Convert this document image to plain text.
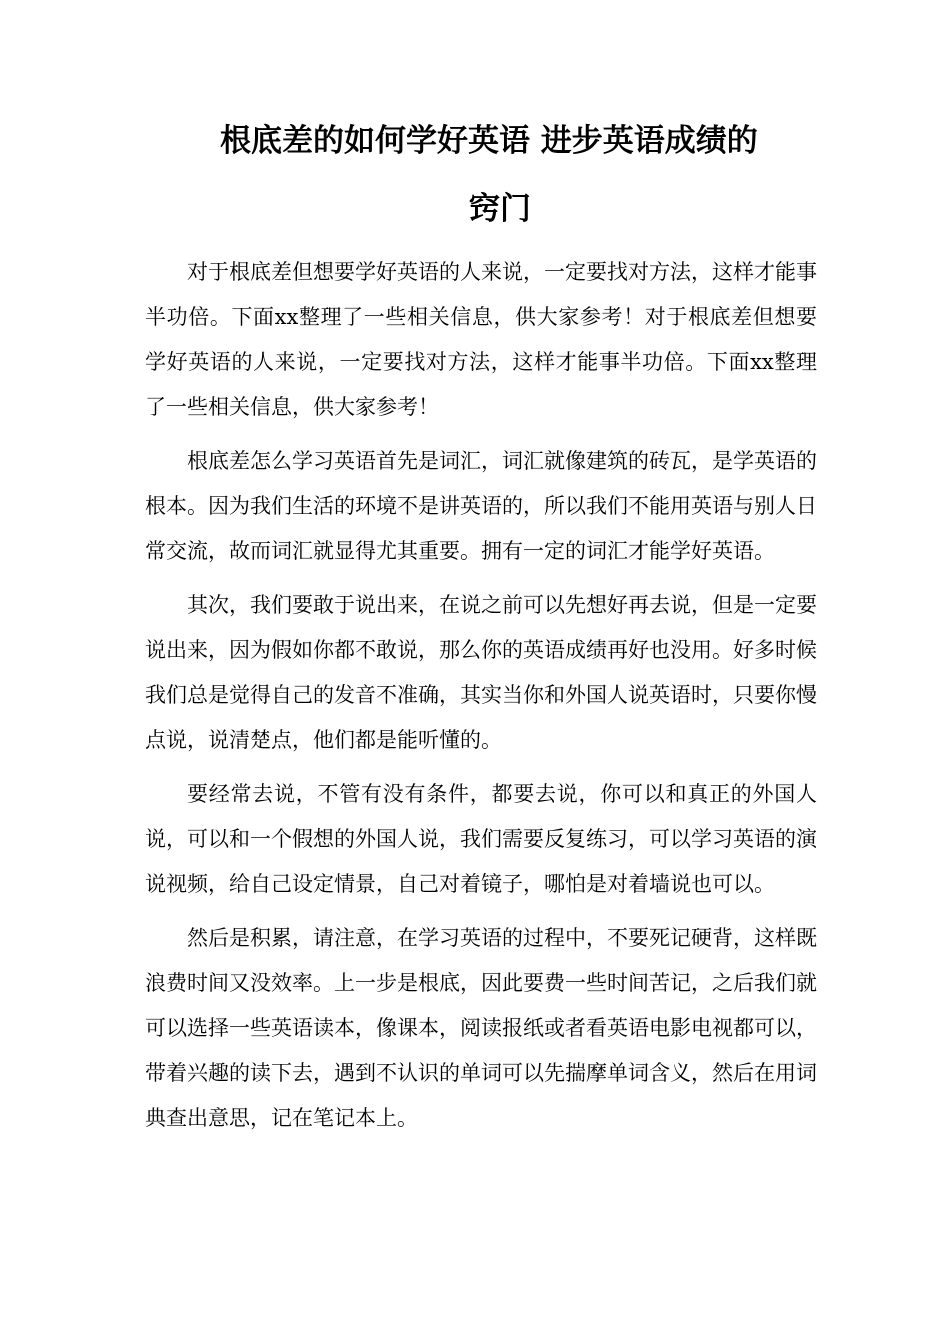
根底差的如何学好英语 进步英语成绩的
窍门

对于根底差但想要学好英语的人来说，一定要找对方法，这样才能事半功倍。下面xx整理了一些相关信息，供大家参考！对于根底差但想要学好英语的人来说，一定要找对方法，这样才能事半功倍。下面xx整理了一些相关信息，供大家参考！

根底差怎么学习英语首先是词汇，词汇就像建筑的砖瓦，是学英语的根本。因为我们生活的环境不是讲英语的，所以我们不能用英语与别人日常交流，故而词汇就显得尤其重要。拥有一定的词汇才能学好英语。

其次，我们要敢于说出来，在说之前可以先想好再去说，但是一定要说出来，因为假如你都不敢说，那么你的英语成绩再好也没用。好多时候我们总是觉得自己的发音不准确，其实当你和外国人说英语时，只要你慢点说，说清楚点，他们都是能听懂的。

要经常去说，不管有没有条件，都要去说，你可以和真正的外国人说，可以和一个假想的外国人说，我们需要反复练习，可以学习英语的演说视频，给自己设定情景，自己对着镜子，哪怕是对着墙说也可以。

然后是积累，请注意，在学习英语的过程中，不要死记硬背，这样既浪费时间又没效率。上一步是根底，因此要费一些时间苦记，之后我们就可以选择一些英语读本，像课本，阅读报纸或者看英语电影电视都可以，带着兴趣的读下去，遇到不认识的单词可以先揣摩单词含义，然后在用词典查出意思，记在笔记本上。
